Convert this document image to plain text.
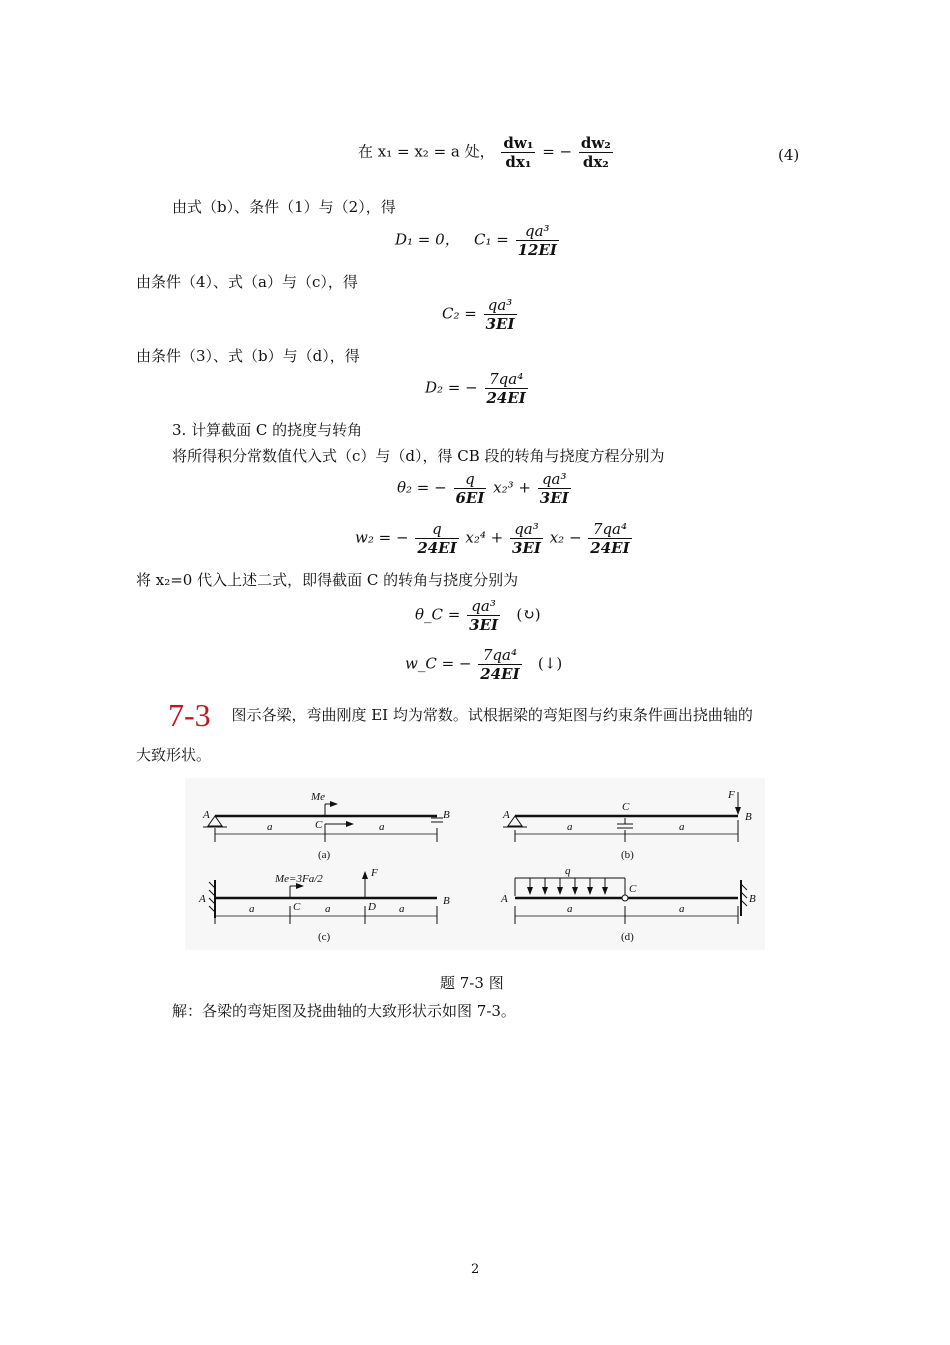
在 x₁ = x₂ = a 处， $\frac{\text{dw₁}}{\text{dx₁}}$ = − $\frac{\text{dw₂}}{\text{dx₂}}$	(4)
由式（b）、条件（1）与（2），得
D₁ = 0， $C_1 = \frac{\text{qa³}}{12EI}$
由条件（4）、式（a）与（c），得
$C_2 = \frac{\text{qa³}}{3EI}$
由条件（3）、式（b）与（d），得
D₂ = − $\frac{\text{7qa⁴}}{24EI}$
3. 计算截面 C 的挠度与转角
将所得积分常数值代入式（c）与（d），得 CB 段的转角与挠度方程分别为
θ₂ = − $\frac{q}{6EI} x_2^3 + \frac{\text{qa³}}{3EI}$
w₂ = − $\frac{q}{24EI} x_2^4 + \frac{\text{qa³}}{3EI} x_2 - \frac{\text{7qa⁴}}{24EI}$
将 x₂=0 代入上述二式，即得截面 C 的转角与挠度分别为
θ_C = $\frac{\text{qa³}}{3EI}$ (↻)
w_C = − $\frac{\text{7qa⁴}}{24EI}$ (↓)
7-3 图示各梁，弯曲刚度 EI 均为常数。试根据梁的弯矩图与约束条件画出挠曲轴的
大致形状。
A	B
C
Me
a	a
A	B
C
F
a	a
A	B
C	D
F
Me=3Fa/2
a	a	a
A	B
C
q
a	a
(a)	(b)
(c)	(d)
题 7-3 图
解：各梁的弯矩图及挠曲轴的大致形状示如图 7-3。
2
